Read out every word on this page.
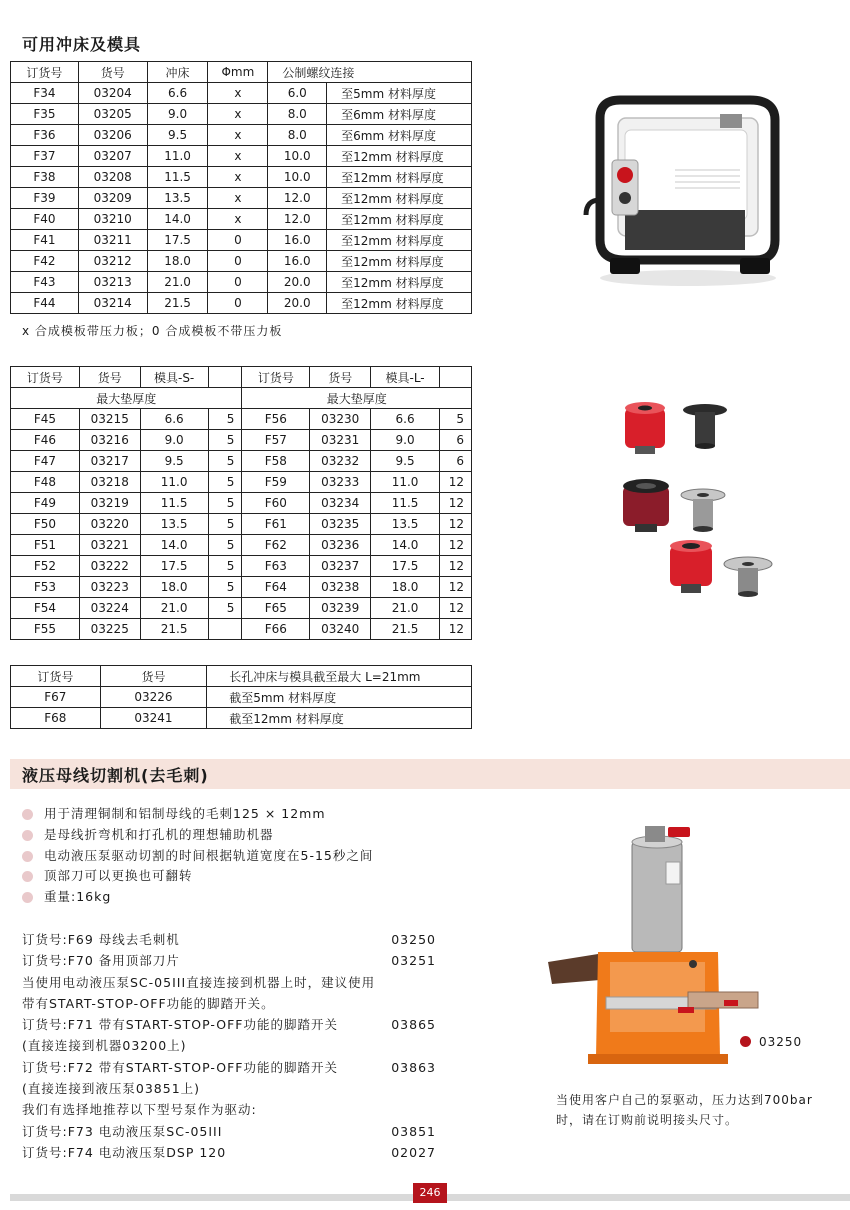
可用冲床及模具
订货号	货号	冲床	Φmm	公制螺纹连接	
F34	03204	6.6	x	6.0	至5mm 材料厚度
F35	03205	9.0	x	8.0	至6mm 材料厚度
F36	03206	9.5	x	8.0	至6mm 材料厚度
F37	03207	11.0	x	10.0	至12mm 材料厚度
F38	03208	11.5	x	10.0	至12mm 材料厚度
F39	03209	13.5	x	12.0	至12mm 材料厚度
F40	03210	14.0	x	12.0	至12mm 材料厚度
F41	03211	17.5	0	16.0	至12mm 材料厚度
F42	03212	18.0	0	16.0	至12mm 材料厚度
F43	03213	21.0	0	20.0	至12mm 材料厚度
F44	03214	21.5	0	20.0	至12mm 材料厚度
x 合成模板带压力板；0 合成模板不带压力板
订货号	货号	模具-S-		订货号	货号	模具-L-	
最大垫厚度				最大垫厚度			
F45	03215	6.6	5	F56	03230	6.6	5
F46	03216	9.0	5	F57	03231	9.0	6
F47	03217	9.5	5	F58	03232	9.5	6
F48	03218	11.0	5	F59	03233	11.0	12
F49	03219	11.5	5	F60	03234	11.5	12
F50	03220	13.5	5	F61	03235	13.5	12
F51	03221	14.0	5	F62	03236	14.0	12
F52	03222	17.5	5	F63	03237	17.5	12
F53	03223	18.0	5	F64	03238	18.0	12
F54	03224	21.0	5	F65	03239	21.0	12
F55	03225	21.5		F66	03240	21.5	12
订货号	货号	长孔冲床与模具截至最大 L=21mm
F67	03226	截至5mm 材料厚度
F68	03241	截至12mm 材料厚度
液压母线切割机(去毛刺)
用于清理铜制和铝制母线的毛刺125 × 12mm
是母线折弯机和打孔机的理想辅助机器
电动液压泵驱动切割的时间根据轨道宽度在5-15秒之间
顶部刀可以更换也可翻转
重量:16kg
订货号:F69 母线去毛刺机	03250
订货号:F70 备用顶部刀片	03251
当使用电动液压泵SC-05III直接连接到机器上时，建议使用
带有START-STOP-OFF功能的脚踏开关。
订货号:F71 带有START-STOP-OFF功能的脚踏开关	03865
(直接连接到机器03200上)
订货号:F72 带有START-STOP-OFF功能的脚踏开关	03863
(直接连接到液压泵03851上)
我们有选择地推荐以下型号泵作为驱动:
订货号:F73 电动液压泵SC-05III	03851
订货号:F74 电动液压泵DSP 120	02027
03250
当使用客户自己的泵驱动，压力达到700bar
时，请在订购前说明接头尺寸。
246
